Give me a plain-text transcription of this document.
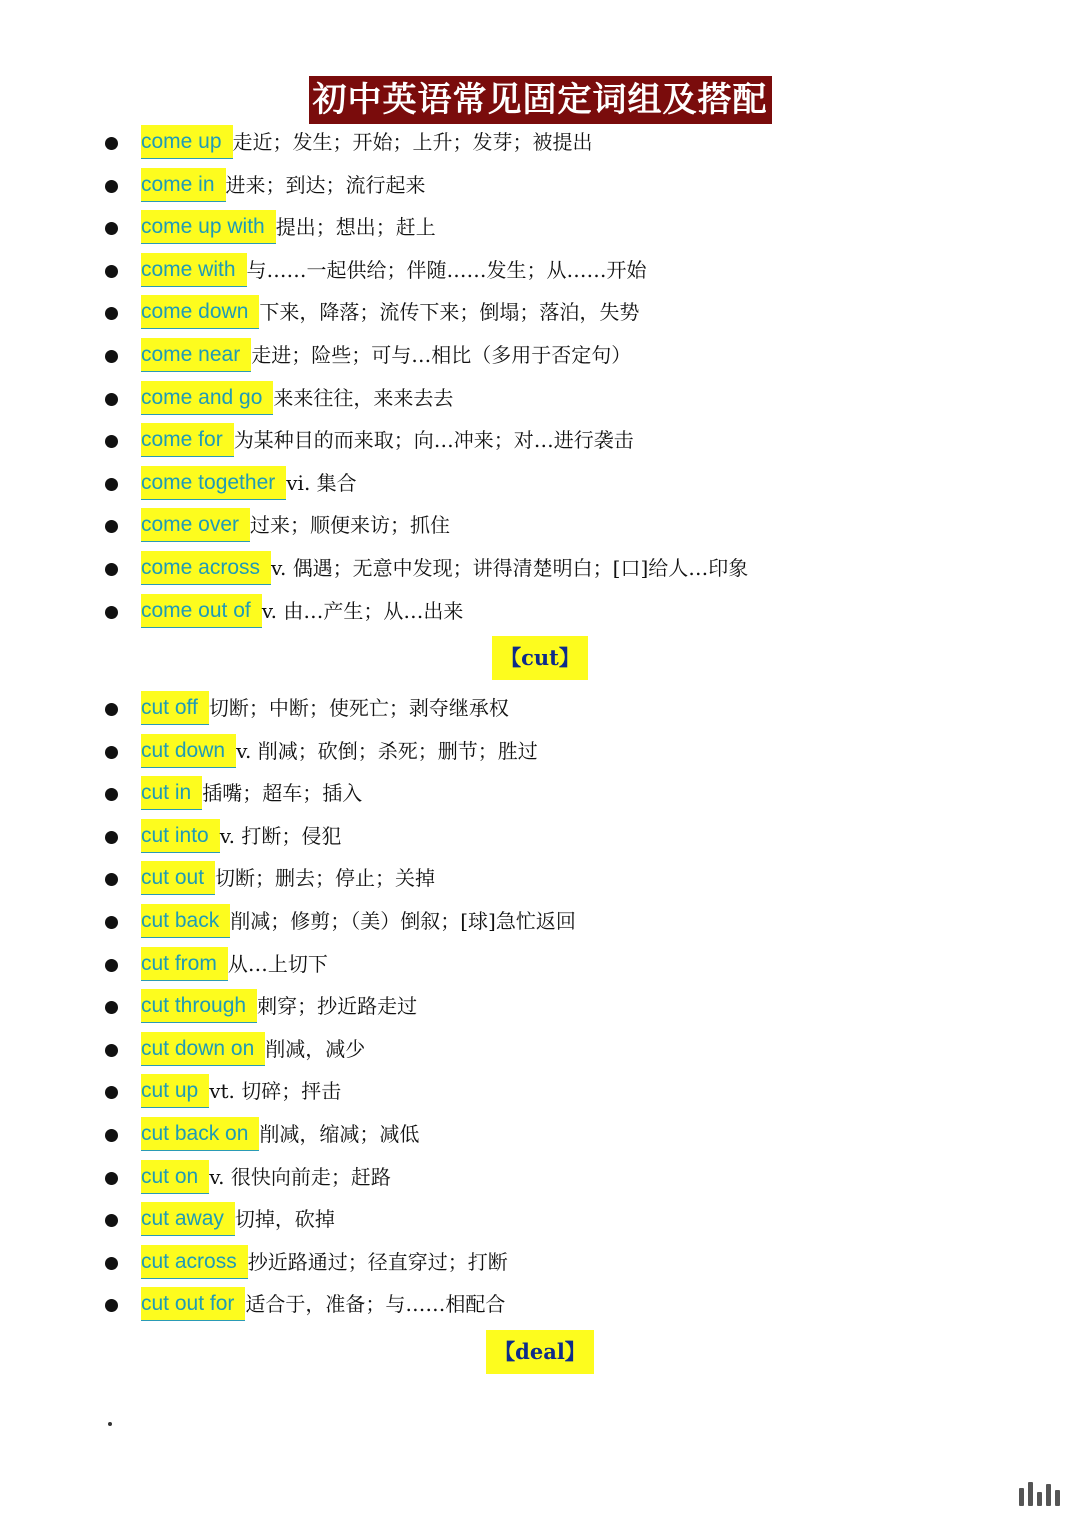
初中英语常见固定词组及搭配
come up 走近；发生；开始；上升；发芽；被提出
come in 进来；到达；流行起来
come up with 提出；想出；赶上
come with 与……一起供给；伴随……发生；从……开始
come down 下来，降落；流传下来；倒塌；落泊，失势
come near 走进；险些；可与…相比（多用于否定句）
come and go 来来往往，来来去去
come for 为某种目的而来取；向…冲来；对…进行袭击
come together vi. 集合
come over 过来；顺便来访；抓住
come across v. 偶遇；无意中发现；讲得清楚明白；[口]给人…印象
come out of v. 由…产生；从…出来
【cut】
cut off 切断；中断；使死亡；剥夺继承权
cut down v. 削减；砍倒；杀死；删节；胜过
cut in 插嘴；超车；插入
cut into v. 打断；侵犯
cut out 切断；删去；停止；关掉
cut back 削减；修剪；（美）倒叙；[球]急忙返回
cut from 从…上切下
cut through 刺穿；抄近路走过
cut down on 削减，减少
cut up vt. 切碎；抨击
cut back on 削减，缩减；减低
cut on v. 很快向前走；赶路
cut away 切掉，砍掉
cut across 抄近路通过；径直穿过；打断
cut out for 适合于，准备；与……相配合
【deal】
